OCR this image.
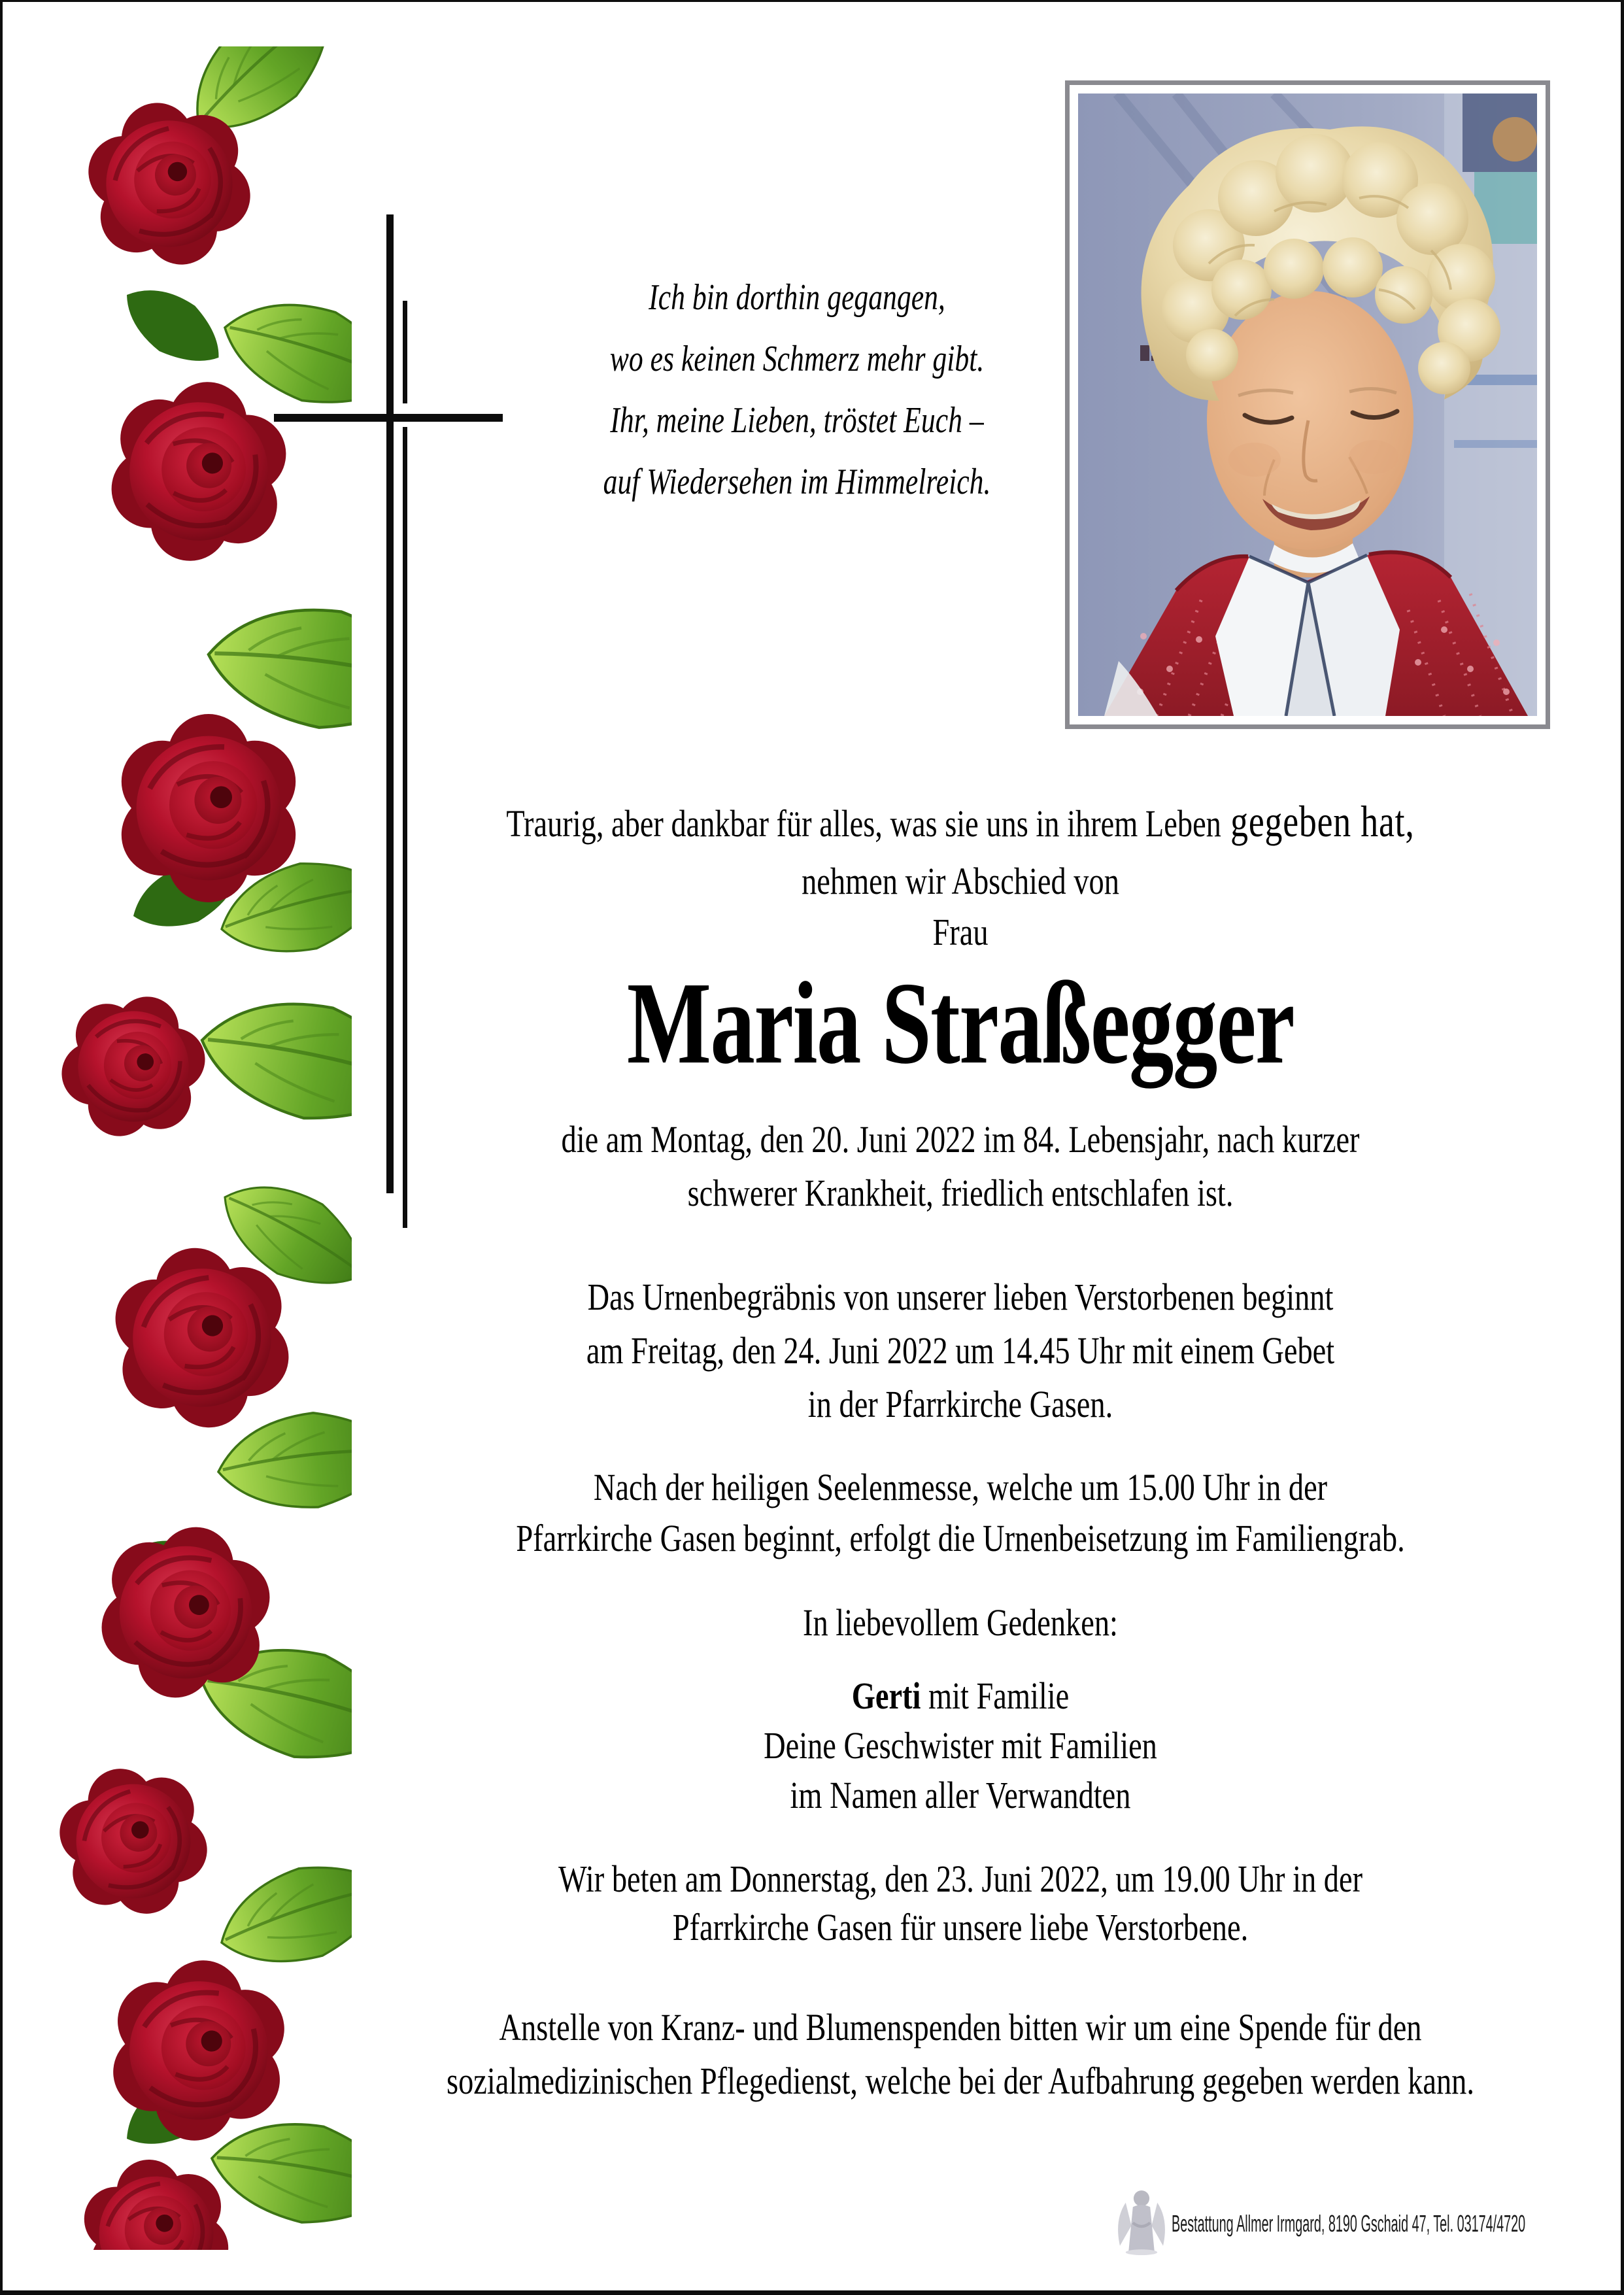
Ich bin dorthin gegangen,
wo es keinen Schmerz mehr gibt.
Ihr, meine Lieben, tröstet Euch –
auf Wiedersehen im Himmelreich.
Traurig, aber dankbar für alles, was sie uns in ihrem Leben gegeben hat,
nehmen wir Abschied von
Frau
Maria Straßegger
die am Montag, den 20. Juni 2022 im 84. Lebensjahr, nach kurzer
schwerer Krankheit, friedlich entschlafen ist.
Das Urnenbegräbnis von unserer lieben Verstorbenen beginnt
am Freitag, den 24. Juni 2022 um 14.45 Uhr mit einem Gebet
in der Pfarrkirche Gasen.
Nach der heiligen Seelenmesse, welche um 15.00 Uhr in der
Pfarrkirche Gasen beginnt, erfolgt die Urnenbeisetzung im Familiengrab.
In liebevollem Gedenken:
Gerti mit Familie
Deine Geschwister mit Familien
im Namen aller Verwandten
Wir beten am Donnerstag, den 23. Juni 2022, um 19.00 Uhr in der
Pfarrkirche Gasen für unsere liebe Verstorbene.
Anstelle von Kranz- und Blumenspenden bitten wir um eine Spende für den
sozialmedizinischen Pflegedienst, welche bei der Aufbahrung gegeben werden kann.
Bestattung Allmer Irmgard, 8190 Gschaid 47, Tel. 03174/4720
